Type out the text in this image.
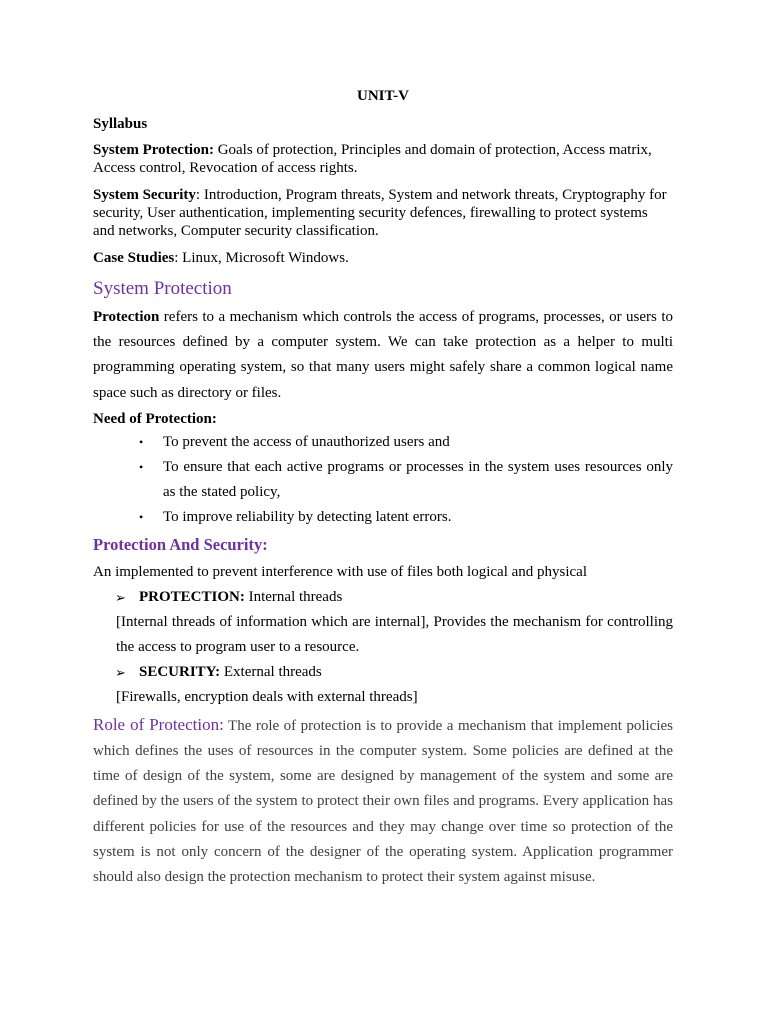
UNIT-V
Syllabus

System Protection: Goals of protection, Principles and domain of protection, Access matrix, Access control, Revocation of access rights.

System Security: Introduction, Program threats, System and network threats, Cryptography for security, User authentication, implementing security defences, firewalling to protect systems and networks, Computer security classification.

Case Studies: Linux, Microsoft Windows.

System Protection

Protection refers to a mechanism which controls the access of programs, processes, or users to the resources defined by a computer system. We can take protection as a helper to multi programming operating system, so that many users might safely share a common logical name space such as directory or files.

Need of Protection:
• To prevent the access of unauthorized users and
• To ensure that each active programs or processes in the system uses resources only as the stated policy,
• To improve reliability by detecting latent errors.
Protection And Security:

An implemented to prevent interference with use of files both logical and physical

➢ PROTECTION: Internal threads

[Internal threads of information which are internal], Provides the mechanism for controlling the access to program user to a resource.

➢ SECURITY: External threads

[Firewalls, encryption deals with external threads]

Role of Protection: The role of protection is to provide a mechanism that implement policies which defines the uses of resources in the computer system. Some policies are defined at the time of design of the system, some are designed by management of the system and some are defined by the users of the system to protect their own files and programs. Every application has different policies for use of the resources and they may change over time so protection of the system is not only concern of the designer of the operating system. Application programmer should also design the protection mechanism to protect their system against misuse.
